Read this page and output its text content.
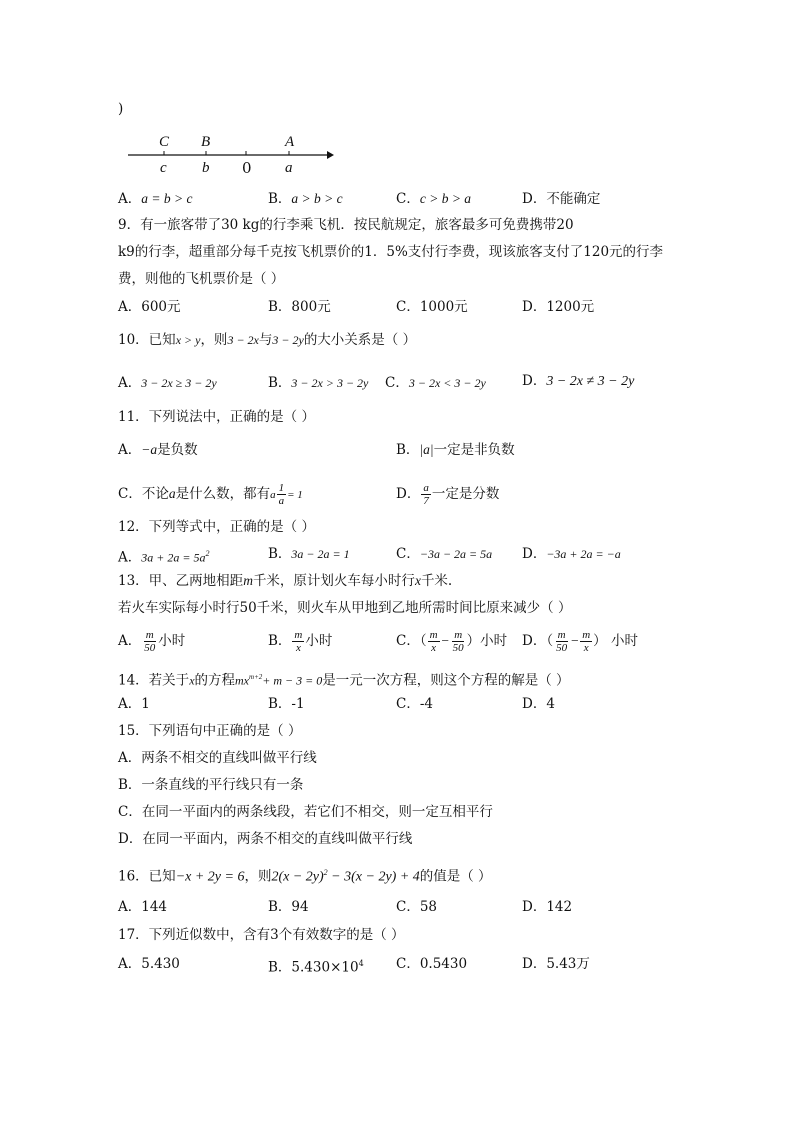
)
C B	A
c b 0 a
A．a = b > c	B．a > b > c	C．c > b > a	D．不能确定
9．有一旅客带了30 kg的行李乘飞机．按民航规定，旅客最多可免费携带20
k9的行李，超重部分每千克按飞机票价的1．5%支付行李费，现该旅客支付了120元的行李
费，则他的飞机票价是（ ）
A．600元	B．800元	C．1000元	D．1200元
10．已知x > y，则3 − 2x与3 − 2y的大小关系是（ ）
A．3 − 2x ≥ 3 − 2y	B．3 − 2x > 3 − 2y C．3 − 2x < 3 − 2y	D．3 − 2x ≠ 3 − 2y
11．下列说法中，正确的是（ ）
A．−a是负数	B．|a|一定是非负数
C．不论a是什么数，都有a $\frac{1}{a} = 1$	D． $\frac{a}{7}$ 一定是分数
12．下列等式中，正确的是（ ）
A．$3a + 2a = 5a^2$	B．3a − 2a = 1	C．−3a − 2a = 5a D．−3a + 2a = −a
13．甲、乙两地相距m千米，原计划火车每小时行x千米.
若火车实际每小时行50千米，则火车从甲地到乙地所需时间比原来减少（ ）
A． $\frac{m}{50}$ 小时	B． $\frac{m}{x}$ 小时	C．（ $\frac{m}{x} - \frac{m}{50}$ ）小时 D．（ $\frac{m}{50} - \frac{m}{x}$ ） 小时
14．若关于x的方程$mx^{m+2}+ m - 3 = 0$是一元一次方程，则这个方程的解是（ ）
A．1	B．-1	C．-4	D．4
15．下列语句中正确的是（ ）
A．两条不相交的直线叫做平行线
B．一条直线的平行线只有一条
C．在同一平面内的两条线段，若它们不相交，则一定互相平行
D．在同一平面内，两条不相交的直线叫做平行线
16．已知−x + 2y = 6，则$2(x - 2y)^2 - 3(x - 2y) + 4$的值是（ ）
A．144	B．94	C．58	D．142
17．下列近似数中，含有3个有效数字的是（ ）
A．5.430	B．$5.430\times 10^4$ C．0.5430	D．5.43万
